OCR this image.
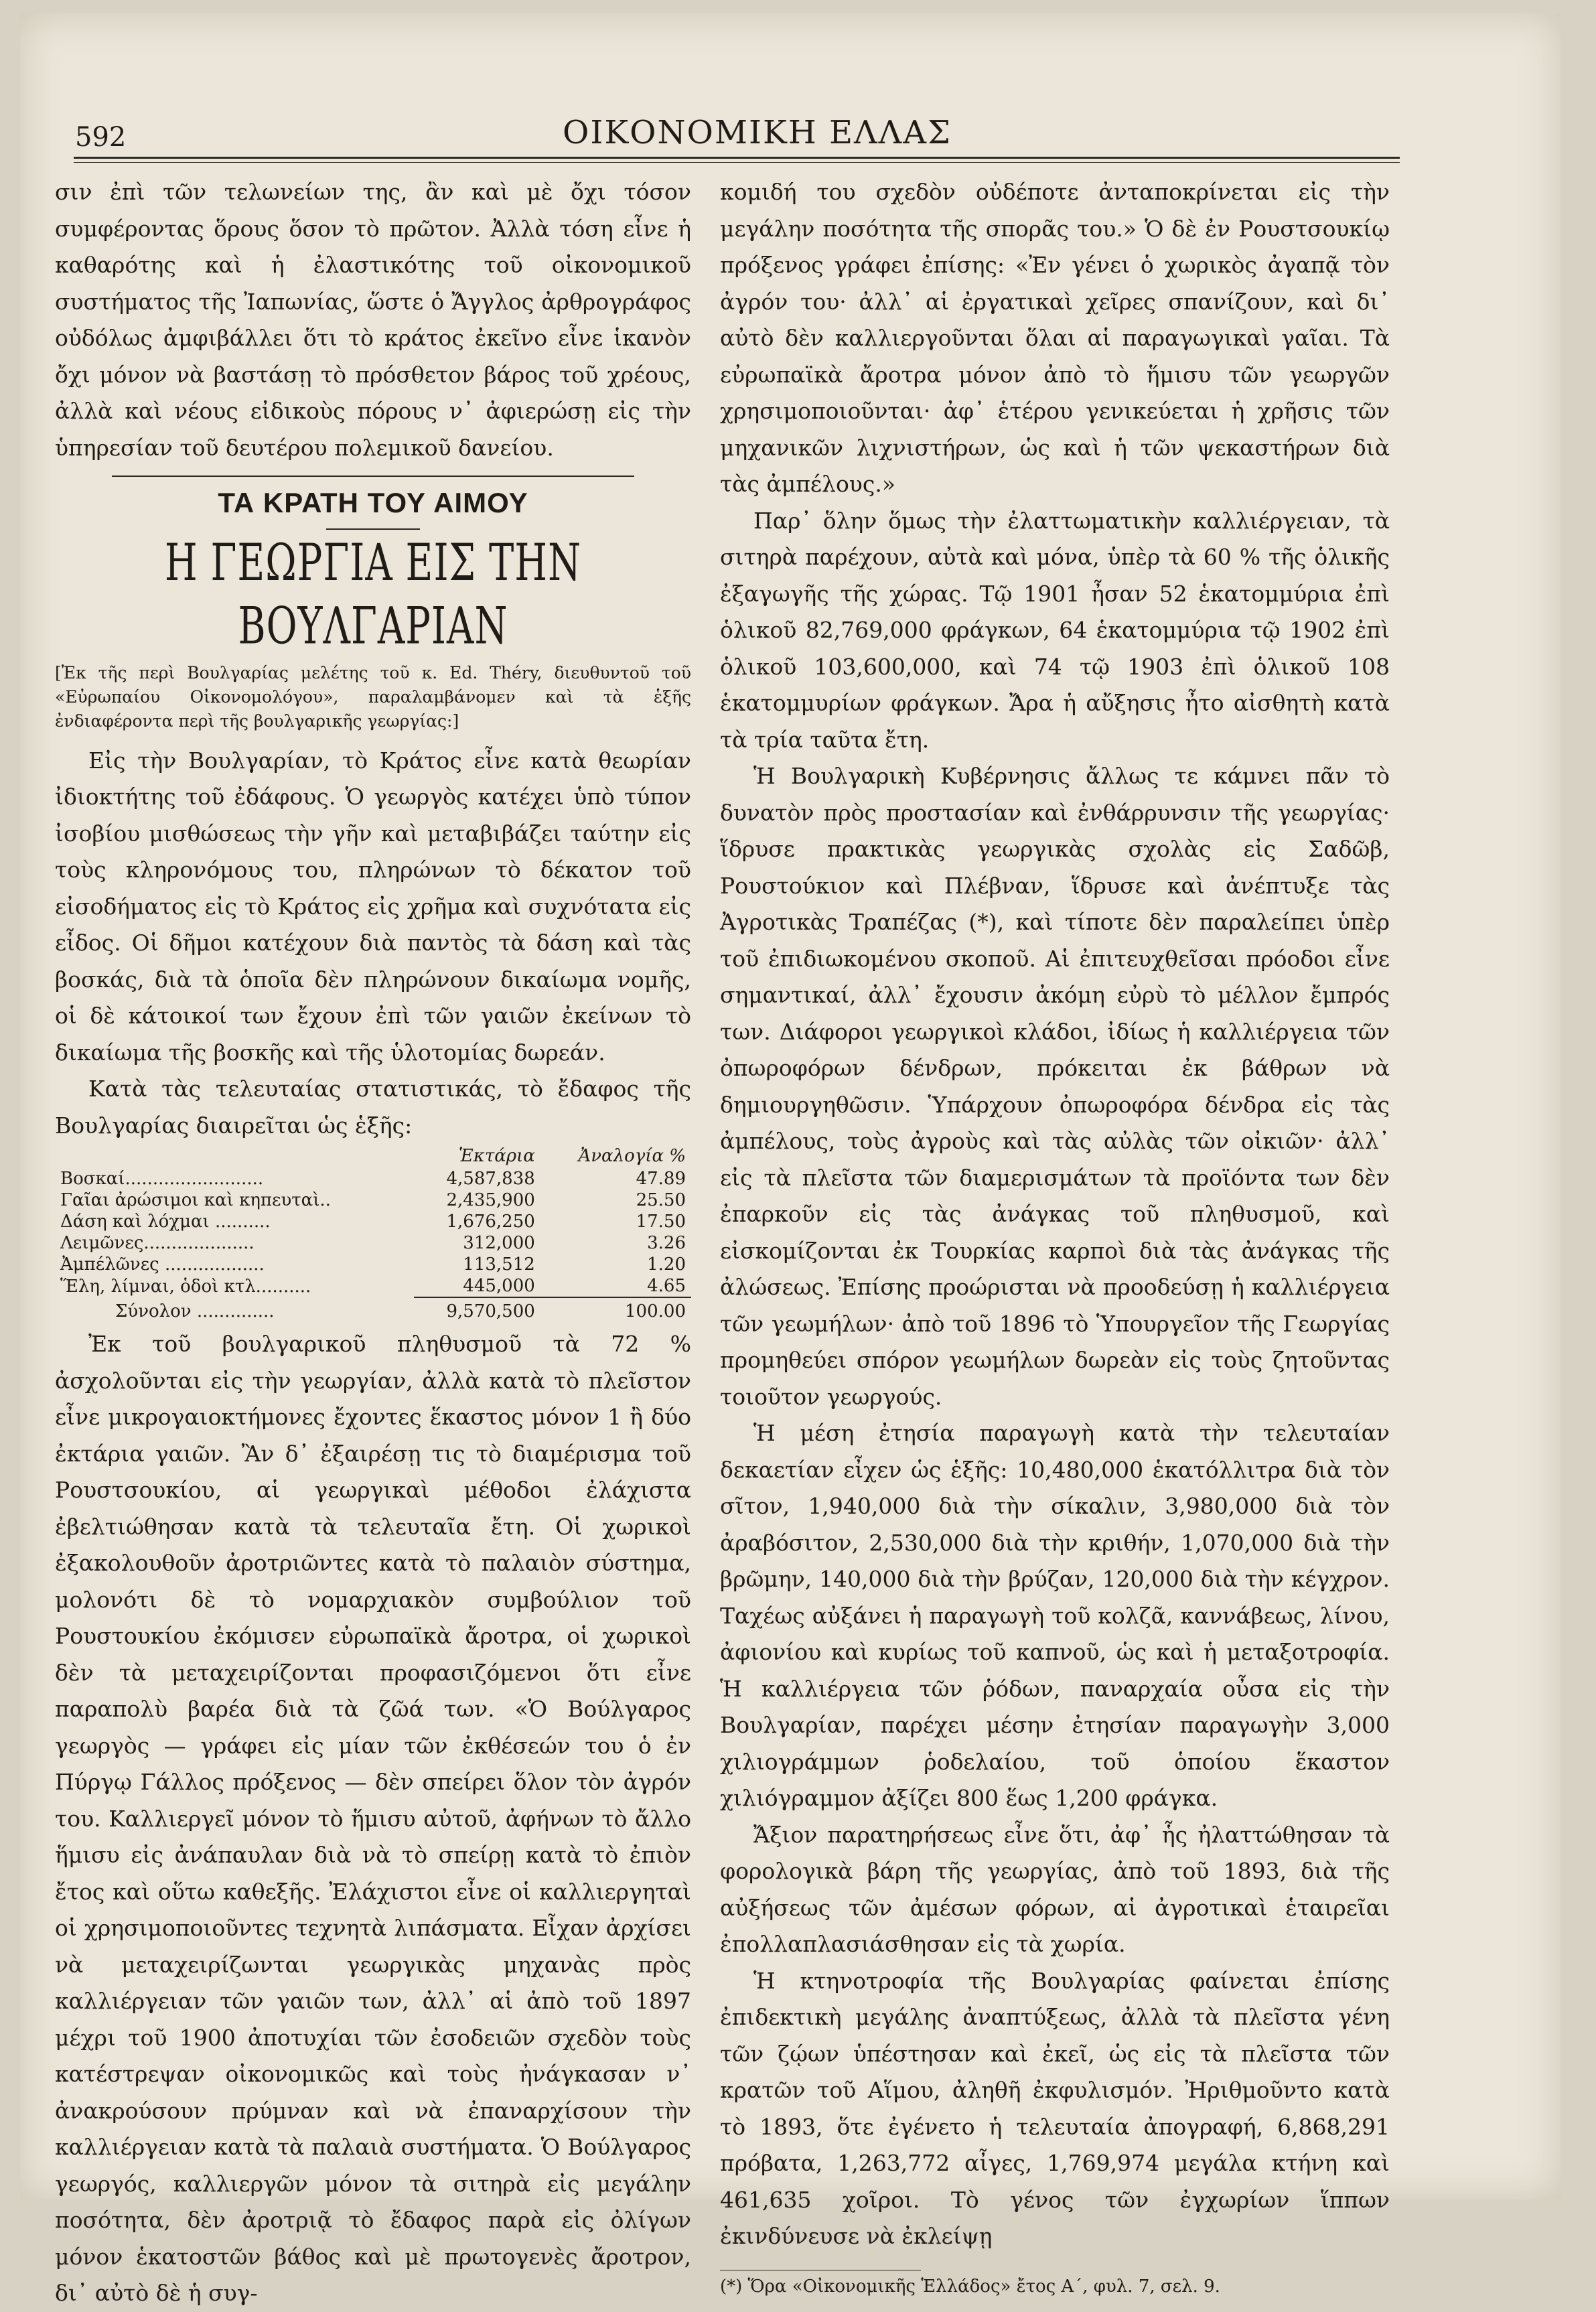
592	ΟΙΚΟΝΟΜΙΚΗ ΕΛΛΑΣ

σιν ἐπὶ τῶν τελωνείων της, ἂν καὶ μὲ ὄχι τόσον συμφέροντας ὅρους ὅσον τὸ πρῶτον. Ἀλλὰ τόση εἶνε ἡ καθαρότης καὶ ἡ ἐλαστικότης τοῦ οἰκονομικοῦ συστήματος τῆς Ἰαπωνίας, ὥστε ὁ Ἄγγλος ἀρθρογράφος οὐδόλως ἀμφιβάλλει ὅτι τὸ κράτος ἐκεῖνο εἶνε ἱκανὸν ὄχι μόνον νὰ βαστάσῃ τὸ πρόσθετον βάρος τοῦ χρέους, ἀλλὰ καὶ νέους εἰδικοὺς πόρους ν᾿ ἀφιερώσῃ εἰς τὴν ὑπηρεσίαν τοῦ δευτέρου πολεμικοῦ δανείου.

ΤΑ ΚΡΑΤΗ ΤΟΥ ΑΙΜΟΥ
Η ΓΕΩΡΓΙΑ ΕΙΣ ΤΗΝ ΒΟΥΛΓΑΡΙΑΝ
[Ἐκ τῆς περὶ Βουλγαρίας μελέτης τοῦ κ. Ed. Théry, διευθυντοῦ τοῦ «Εὐρωπαίου Οἰκονομολόγου», παραλαμβάνομεν καὶ τὰ ἑξῆς ἐνδιαφέροντα περὶ τῆς βουλγαρικῆς γεωργίας:]

Εἰς τὴν Βουλγαρίαν, τὸ Κράτος εἶνε κατὰ θεωρίαν ἰδιοκτήτης τοῦ ἐδάφους. Ὁ γεωργὸς κατέχει ὑπὸ τύπον ἰσοβίου μισθώσεως τὴν γῆν καὶ μεταβιβάζει ταύτην εἰς τοὺς κληρονόμους του, πληρώνων τὸ δέκατον τοῦ εἰσοδήματος εἰς τὸ Κράτος εἰς χρῆμα καὶ συχνότατα εἰς εἶδος. Οἱ δῆμοι κατέχουν διὰ παντὸς τὰ δάση καὶ τὰς βοσκάς, διὰ τὰ ὁποῖα δὲν πληρώνουν δικαίωμα νομῆς, οἱ δὲ κάτοικοί των ἔχουν ἐπὶ τῶν γαιῶν ἐκείνων τὸ δικαίωμα τῆς βοσκῆς καὶ τῆς ὑλοτομίας δωρεάν.

Κατὰ τὰς τελευταίας στατιστικάς, τὸ ἔδαφος τῆς Βουλγαρίας διαιρεῖται ὡς ἑξῆς:

	Ἑκτάρια	Ἀναλογία %
Βοσκαί.........................	4,587,838	47.89
Γαῖαι ἀρώσιμοι καὶ κηπευταὶ..	2,435,900	25.50
Δάση καὶ λόχμαι ..........	1,676,250	17.50
Λειμῶνες....................	312,000	3.26
Ἀμπέλῶνες ..................	113,512	1.20
Ἕλη, λίμναι, ὁδοὶ κτλ..........	445,000	4.65
Σύνολον ..............	9,570,500	100.00

Ἐκ τοῦ βουλγαρικοῦ πληθυσμοῦ τὰ 72 % ἀσχολοῦνται εἰς τὴν γεωργίαν, ἀλλὰ κατὰ τὸ πλεῖστον εἶνε μικρογαιοκτήμονες ἔχοντες ἕκαστος μόνον 1 ἢ δύο ἐκτάρια γαιῶν. Ἂν δ᾿ ἐξαιρέσῃ τις τὸ διαμέρισμα τοῦ Ρουστσουκίου, αἱ γεωργικαὶ μέθοδοι ἐλάχιστα ἐβελτιώθησαν κατὰ τὰ τελευταῖα ἔτη. Οἱ χωρικοὶ ἐξακολουθοῦν ἀροτριῶντες κατὰ τὸ παλαιὸν σύστημα, μολονότι δὲ τὸ νομαρχιακὸν συμβούλιον τοῦ Ρουστουκίου ἐκόμισεν εὐρωπαϊκὰ ἄροτρα, οἱ χωρικοὶ δὲν τὰ μεταχειρίζονται προφασιζόμενοι ὅτι εἶνε παραπολὺ βαρέα διὰ τὰ ζῶά των. «Ὁ Βούλγαρος γεωργὸς — γράφει εἰς μίαν τῶν ἐκθέσεών του ὁ ἐν Πύργῳ Γάλλος πρόξενος — δὲν σπείρει ὅλον τὸν ἀγρόν του. Καλλιεργεῖ μόνον τὸ ἥμισυ αὐτοῦ, ἀφήνων τὸ ἄλλο ἥμισυ εἰς ἀνάπαυλαν διὰ νὰ τὸ σπείρῃ κατὰ τὸ ἐπιὸν ἔτος καὶ οὕτω καθεξῆς. Ἐλάχιστοι εἶνε οἱ καλλιεργηταὶ οἱ χρησιμοποιοῦντες τεχνητὰ λιπάσματα. Εἶχαν ἀρχίσει νὰ μεταχειρίζωνται γεωργικὰς μηχανὰς πρὸς καλλιέργειαν τῶν γαιῶν των, ἀλλ᾿ αἱ ἀπὸ τοῦ 1897 μέχρι τοῦ 1900 ἀποτυχίαι τῶν ἐσοδειῶν σχεδὸν τοὺς κατέστρεψαν οἰκονομικῶς καὶ τοὺς ἠνάγκασαν ν᾿ ἀνακρούσουν πρύμναν καὶ νὰ ἐπαναρχίσουν τὴν καλλιέργειαν κατὰ τὰ παλαιὰ συστήματα. Ὁ Βούλγαρος γεωργός, καλλιεργῶν μόνον τὰ σιτηρὰ εἰς μεγάλην ποσότητα, δὲν ἀροτριᾷ τὸ ἔδαφος παρὰ εἰς ὀλίγων μόνον ἑκατοστῶν βάθος καὶ μὲ πρωτογενὲς ἄροτρον, δι᾿ αὐτὸ δὲ ἡ συγ-

κομιδή του σχεδὸν οὐδέποτε ἀνταποκρίνεται εἰς τὴν μεγάλην ποσότητα τῆς σπορᾶς του.» Ὁ δὲ ἐν Ρουστσουκίῳ πρόξενος γράφει ἐπίσης: «Ἐν γένει ὁ χωρικὸς ἀγαπᾷ τὸν ἀγρόν του· ἀλλ᾿ αἱ ἐργατικαὶ χεῖρες σπανίζουν, καὶ δι᾿ αὐτὸ δὲν καλλιεργοῦνται ὅλαι αἱ παραγωγικαὶ γαῖαι. Τὰ εὐρωπαϊκὰ ἄροτρα μόνον ἀπὸ τὸ ἥμισυ τῶν γεωργῶν χρησιμοποιοῦνται· ἀφ᾿ ἑτέρου γενικεύεται ἡ χρῆσις τῶν μηχανικῶν λιχνιστήρων, ὡς καὶ ἡ τῶν ψεκαστήρων διὰ τὰς ἀμπέλους.»

Παρ᾿ ὅλην ὅμως τὴν ἐλαττωματικὴν καλλιέργειαν, τὰ σιτηρὰ παρέχουν, αὐτὰ καὶ μόνα, ὑπὲρ τὰ 60 % τῆς ὁλικῆς ἐξαγωγῆς τῆς χώρας. Τῷ 1901 ἦσαν 52 ἑκατομμύρια ἐπὶ ὁλικοῦ 82,769,000 φράγκων, 64 ἑκατομμύρια τῷ 1902 ἐπὶ ὁλικοῦ 103,600,000, καὶ 74 τῷ 1903 ἐπὶ ὁλικοῦ 108 ἑκατομμυρίων φράγκων. Ἄρα ἡ αὔξησις ἦτο αἰσθητὴ κατὰ τὰ τρία ταῦτα ἔτη.

Ἡ Βουλγαρικὴ Κυβέρνησις ἄλλως τε κάμνει πᾶν τὸ δυνατὸν πρὸς προστασίαν καὶ ἐνθάρρυνσιν τῆς γεωργίας· ἵδρυσε πρακτικὰς γεωργικὰς σχολὰς εἰς Σαδῶβ, Ρουστούκιον καὶ Πλέβναν, ἵδρυσε καὶ ἀνέπτυξε τὰς Ἀγροτικὰς Τραπέζας (*), καὶ τίποτε δὲν παραλείπει ὑπὲρ τοῦ ἐπιδιωκομένου σκοποῦ. Αἱ ἐπιτευχθεῖσαι πρόοδοι εἶνε σημαντικαί, ἀλλ᾿ ἔχουσιν ἀκόμη εὐρὺ τὸ μέλλον ἔμπρός των. Διάφοροι γεωργικοὶ κλάδοι, ἰδίως ἡ καλλιέργεια τῶν ὀπωροφόρων δένδρων, πρόκειται ἐκ βάθρων νὰ δημιουργηθῶσιν. Ὑπάρχουν ὀπωροφόρα δένδρα εἰς τὰς ἀμπέλους, τοὺς ἀγροὺς καὶ τὰς αὐλὰς τῶν οἰκιῶν· ἀλλ᾿ εἰς τὰ πλεῖστα τῶν διαμερισμάτων τὰ προϊόντα των δὲν ἐπαρκοῦν εἰς τὰς ἀνάγκας τοῦ πληθυσμοῦ, καὶ εἰσκομίζονται ἐκ Τουρκίας καρποὶ διὰ τὰς ἀνάγκας τῆς ἀλώσεως. Ἐπίσης προώρισται νὰ προοδεύσῃ ἡ καλλιέργεια τῶν γεωμήλων· ἀπὸ τοῦ 1896 τὸ Ὑπουργεῖον τῆς Γεωργίας προμηθεύει σπόρον γεωμήλων δωρεὰν εἰς τοὺς ζητοῦντας τοιοῦτον γεωργούς.

Ἡ μέση ἐτησία παραγωγὴ κατὰ τὴν τελευταίαν δεκαετίαν εἶχεν ὡς ἑξῆς: 10,480,000 ἑκατόλλιτρα διὰ τὸν σῖτον, 1,940,000 διὰ τὴν σίκαλιν, 3,980,000 διὰ τὸν ἀραβόσιτον, 2,530,000 διὰ τὴν κριθήν, 1,070,000 διὰ τὴν βρῶμην, 140,000 διὰ τὴν βρύζαν, 120,000 διὰ τὴν κέγχρον. Ταχέως αὐξάνει ἡ παραγωγὴ τοῦ κολζᾶ, καννάβεως, λίνου, ἀφιονίου καὶ κυρίως τοῦ καπνοῦ, ὡς καὶ ἡ μεταξοτροφία. Ἡ καλλιέργεια τῶν ῥόδων, παναρχαία οὖσα εἰς τὴν Βουλγαρίαν, παρέχει μέσην ἐτησίαν παραγωγὴν 3,000 χιλιογράμμων ῥοδελαίου, τοῦ ὁποίου ἕκαστον χιλιόγραμμον ἀξίζει 800 ἕως 1,200 φράγκα.

Ἄξιον παρατηρήσεως εἶνε ὅτι, ἀφ᾿ ἧς ἠλαττώθησαν τὰ φορολογικὰ βάρη τῆς γεωργίας, ἀπὸ τοῦ 1893, διὰ τῆς αὐξήσεως τῶν ἀμέσων φόρων, αἱ ἀγροτικαὶ ἑταιρεῖαι ἐπολλαπλασιάσθησαν εἰς τὰ χωρία.

Ἡ κτηνοτροφία τῆς Βουλγαρίας φαίνεται ἐπίσης ἐπιδεκτικὴ μεγάλης ἀναπτύξεως, ἀλλὰ τὰ πλεῖστα γένη τῶν ζῴων ὑπέστησαν καὶ ἐκεῖ, ὡς εἰς τὰ πλεῖστα τῶν κρατῶν τοῦ Αἵμου, ἀληθῆ ἐκφυλισμόν. Ἠριθμοῦντο κατὰ τὸ 1893, ὅτε ἐγένετο ἡ τελευταία ἀπογραφή, 6,868,291 πρόβατα, 1,263,772 αἶγες, 1,769,974 μεγάλα κτήνη καὶ 461,635 χοῖροι. Τὸ γένος τῶν ἐγχωρίων ἵππων ἐκινδύνευσε νὰ ἐκλείψῃ

(*) Ὅρα «Οἰκονομικῆς Ἑλλάδος» ἔτος Α΄, φυλ. 7, σελ. 9.
